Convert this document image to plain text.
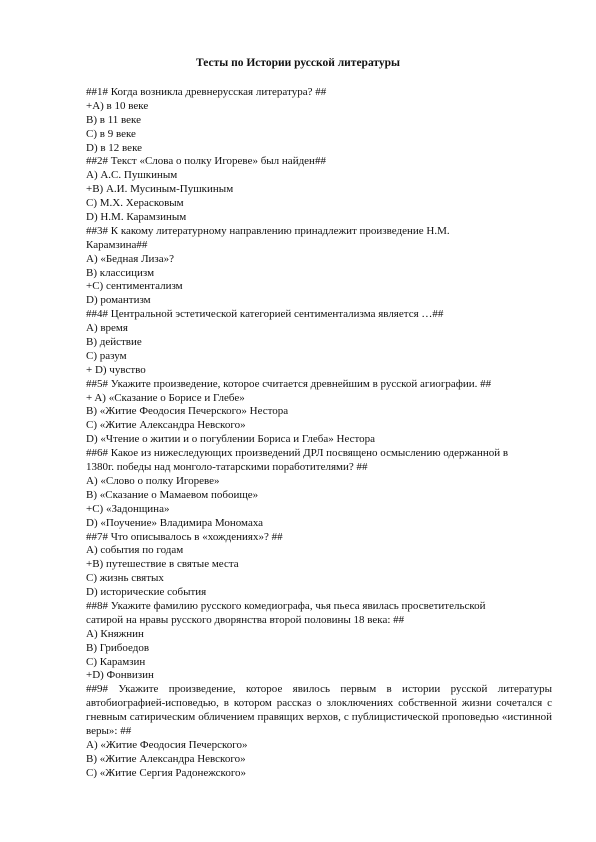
Тесты по Истории русской литературы
##1# Когда возникла древнерусская литература? ##
+A) в 10 веке
B) в 11 веке
C) в 9 веке
D) в 12 веке
##2# Текст «Слова о полку Игореве» был найден##
A) А.С. Пушкиным
+B) А.И. Мусиным-Пушкиным
C) М.Х. Херасковым
D) Н.М. Карамзиным
##3# К какому литературному направлению принадлежит произведение Н.М.
Карамзина##
A) «Бедная Лиза»?
B) классицизм
+C) сентиментализм
D) романтизм
##4# Центральной эстетической категорией сентиментализма является …##
A) время
B) действие
C) разум
+ D) чувство
##5# Укажите произведение, которое считается древнейшим в русской агиографии. ##
+ A) «Сказание о Борисе и Глебе»
B) «Житие Феодосия Печерского» Нестора
C) «Житие Александра Невского»
D) «Чтение о житии и о погублении Бориса и Глеба» Нестора
##6# Какое из нижеследующих произведений ДРЛ посвящено осмыслению одержанной в
1380г. победы над монголо-татарскими поработителями? ##
A) «Слово о полку Игореве»
B) «Сказание о Мамаевом побоище»
+C) «Задонщина»
D) «Поучение» Владимира Мономаха
##7# Что описывалось в «хождениях»? ##
A) события по годам
+B) путешествие в святые места
C) жизнь святых
D) исторические события
##8# Укажите фамилию русского комедиографа, чья пьеса явилась просветительской
сатирой на нравы русского дворянства второй половины 18 века: ##
A) Княжнин
B) Грибоедов
C) Карамзин
+D) Фонвизин
##9# Укажите произведение, которое явилось первым в истории русской литературы автобиографией-исповедью, в котором рассказ о злоключениях собственной жизни сочетался с гневным сатирическим обличением правящих верхов, с публицистической проповедью «истинной веры»: ##
A) «Житие Феодосия Печерского»
B) «Житие Александра Невского»
C) «Житие Сергия Радонежского»
